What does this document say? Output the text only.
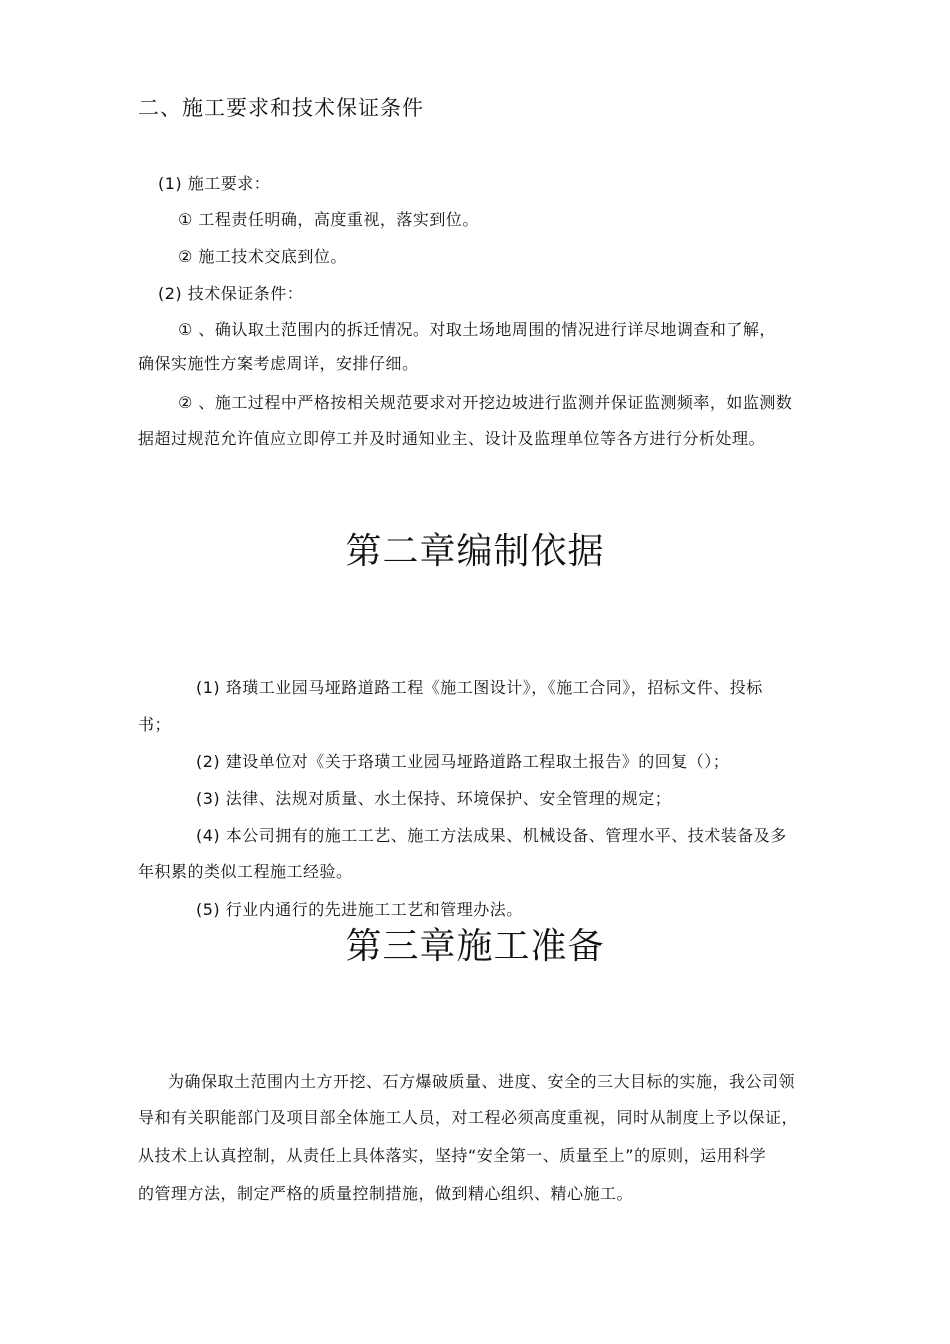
二、施工要求和技术保证条件
(1) 施工要求：
① 工程责任明确，高度重视，落实到位。
② 施工技术交底到位。
(2) 技术保证条件：
① 、确认取土范围内的拆迁情况。对取土场地周围的情况进行详尽地调查和了解，
确保实施性方案考虑周详，安排仔细。
② 、施工过程中严格按相关规范要求对开挖边坡进行监测并保证监测频率，如监测数
据超过规范允许值应立即停工并及时通知业主、设计及监理单位等各方进行分析处理。
第二章编制依据
(1) 珞璜工业园马垭路道路工程《施工图设计》，《施工合同》，招标文件、投标
书；
(2) 建设单位对《关于珞璜工业园马垭路道路工程取土报告》的回复（）；
(3) 法律、法规对质量、水土保持、环境保护、安全管理的规定；
(4) 本公司拥有的施工工艺、施工方法成果、机械设备、管理水平、技术装备及多
年积累的类似工程施工经验。
(5) 行业内通行的先进施工工艺和管理办法。
第三章施工准备
为确保取土范围内土方开挖、石方爆破质量、进度、安全的三大目标的实施，我公司领
导和有关职能部门及项目部全体施工人员，对工程必须高度重视，同时从制度上予以保证，
从技术上认真控制，从责任上具体落实，坚持“安全第一、质量至上”的原则，运用科学
的管理方法，制定严格的质量控制措施，做到精心组织、精心施工。
